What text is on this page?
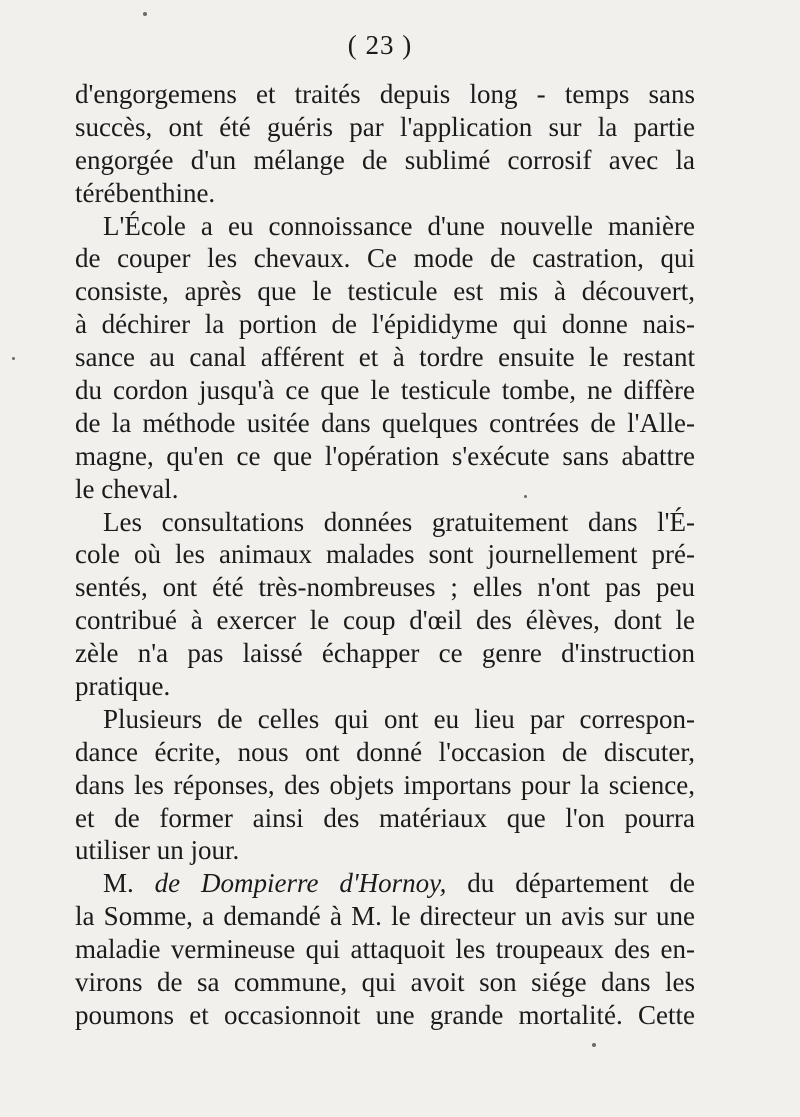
( 23 )
d'engorgemens et traités depuis long - temps sans
succès, ont été guéris par l'application sur la partie
engorgée d'un mélange de sublimé corrosif avec la
térébenthine.
L'École a eu connoissance d'une nouvelle manière
de couper les chevaux. Ce mode de castration, qui
consiste, après que le testicule est mis à découvert,
à déchirer la portion de l'épididyme qui donne nais-
sance au canal afférent et à tordre ensuite le restant
du cordon jusqu'à ce que le testicule tombe, ne diffère
de la méthode usitée dans quelques contrées de l'Alle-
magne, qu'en ce que l'opération s'exécute sans abattre
le cheval.
Les consultations données gratuitement dans l'É-
cole où les animaux malades sont journellement pré-
sentés, ont été très-nombreuses ; elles n'ont pas peu
contribué à exercer le coup d'œil des élèves, dont le
zèle n'a pas laissé échapper ce genre d'instruction
pratique.
Plusieurs de celles qui ont eu lieu par correspon-
dance écrite, nous ont donné l'occasion de discuter,
dans les réponses, des objets importans pour la science,
et de former ainsi des matériaux que l'on pourra
utiliser un jour.
M. de Dompierre d'Hornoy, du département de
la Somme, a demandé à M. le directeur un avis sur une
maladie vermineuse qui attaquoit les troupeaux des en-
virons de sa commune, qui avoit son siége dans les
poumons et occasionnoit une grande mortalité. Cette
